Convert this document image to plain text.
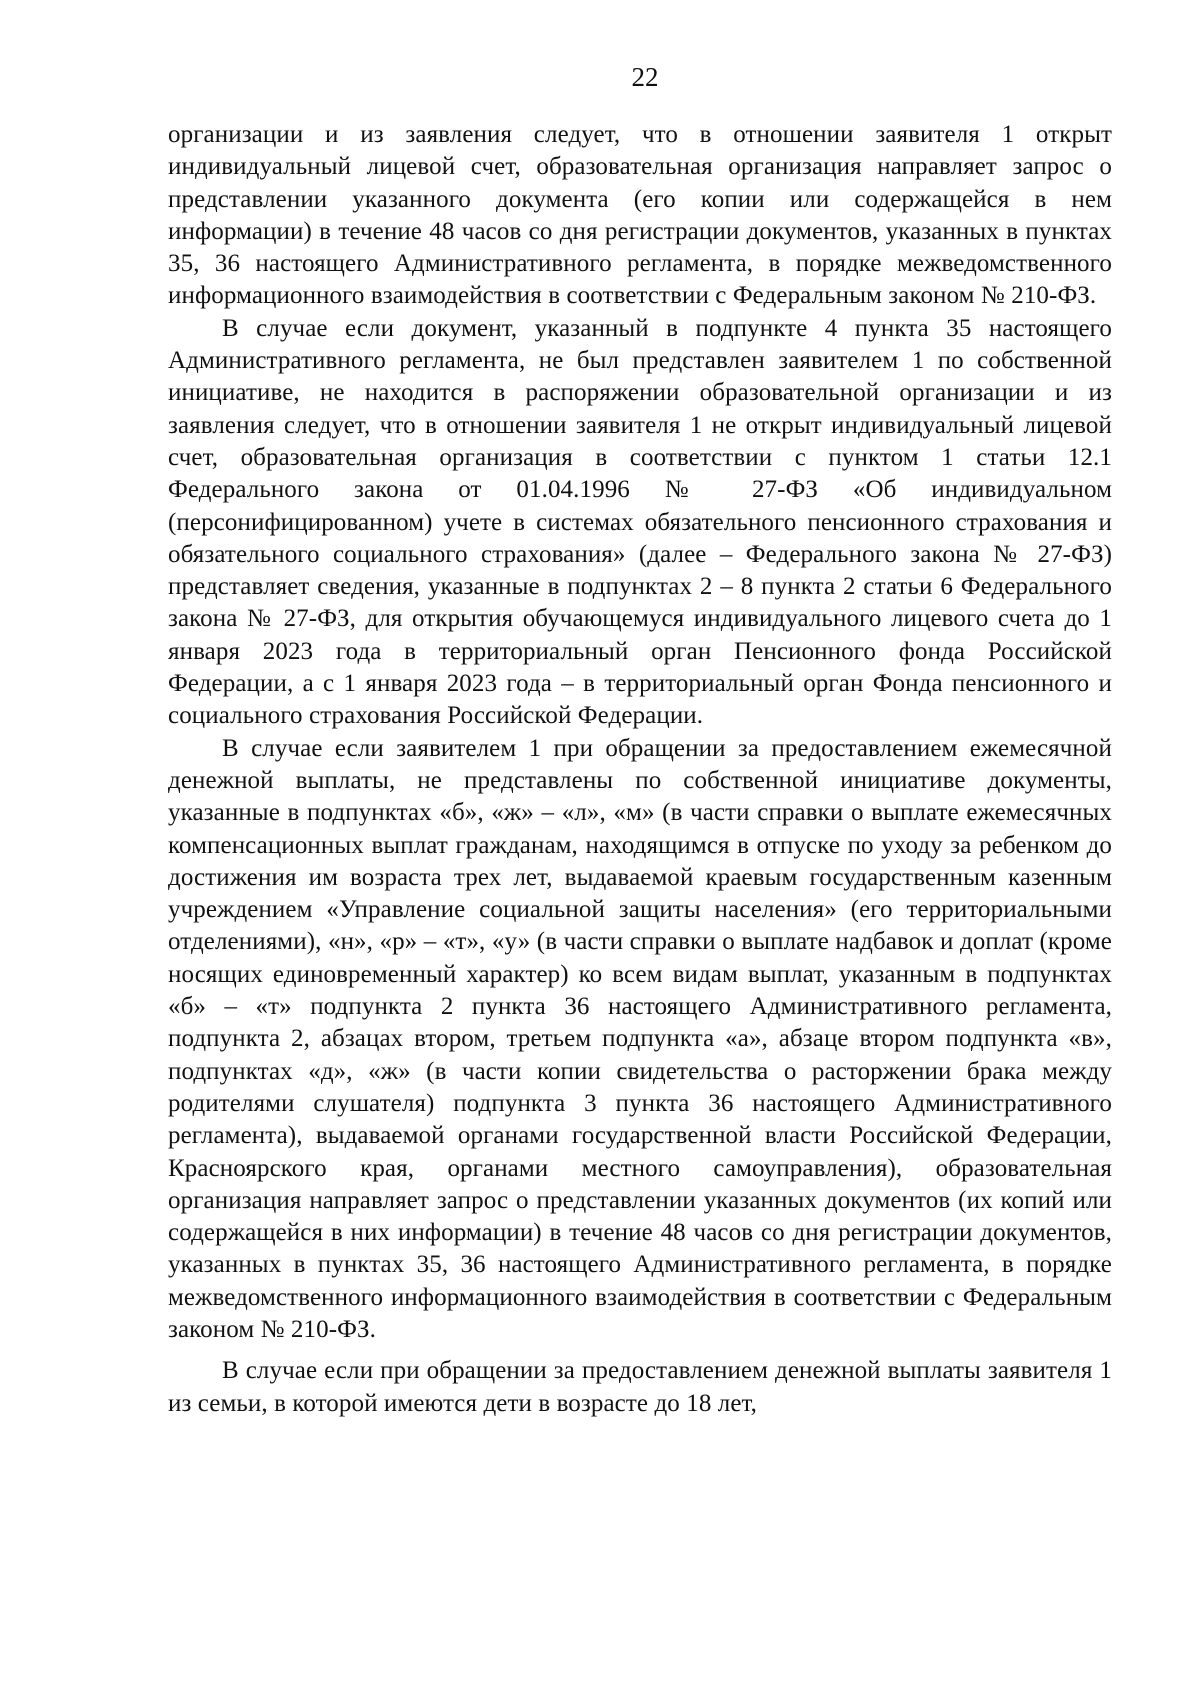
22

организации и из заявления следует, что в отношении заявителя 1 открыт индивидуальный лицевой счет, образовательная организация направляет запрос о представлении указанного документа (его копии или содержащейся в нем информации) в течение 48 часов со дня регистрации документов, указанных в пунктах 35, 36 настоящего Административного регламента, в порядке межведомственного информационного взаимодействия в соответствии с Федеральным законом № 210-ФЗ.

В случае если документ, указанный в подпункте 4 пункта 35 настоящего Административного регламента, не был представлен заявителем 1 по собственной инициативе, не находится в распоряжении образовательной организации и из заявления следует, что в отношении заявителя 1 не открыт индивидуальный лицевой счет, образовательная организация в соответствии с пунктом 1 статьи 12.1 Федерального закона от 01.04.1996 № 27-ФЗ «Об индивидуальном (персонифицированном) учете в системах обязательного пенсионного страхования и обязательного социального страхования» (далее – Федерального закона № 27-ФЗ) представляет сведения, указанные в подпунктах 2 – 8 пункта 2 статьи 6 Федерального закона № 27-ФЗ, для открытия обучающемуся индивидуального лицевого счета до 1 января 2023 года в территориальный орган Пенсионного фонда Российской Федерации, а с 1 января 2023 года – в территориальный орган Фонда пенсионного и социального страхования Российской Федерации.

В случае если заявителем 1 при обращении за предоставлением ежемесячной денежной выплаты, не представлены по собственной инициативе документы, указанные в подпунктах «б», «ж» – «л», «м» (в части справки о выплате ежемесячных компенсационных выплат гражданам, находящимся в отпуске по уходу за ребенком до достижения им возраста трех лет, выдаваемой краевым государственным казенным учреждением «Управление социальной защиты населения» (его территориальными отделениями), «н», «р» – «т», «у» (в части справки о выплате надбавок и доплат (кроме носящих единовременный характер) ко всем видам выплат, указанным в подпунктах «б» – «т» подпункта 2 пункта 36 настоящего Административного регламента, подпункта 2, абзацах втором, третьем подпункта «а», абзаце втором подпункта «в», подпунктах «д», «ж» (в части копии свидетельства о расторжении брака между родителями слушателя) подпункта 3 пункта 36 настоящего Административного регламента), выдаваемой органами государственной власти Российской Федерации, Красноярского края, органами местного самоуправления), образовательная организация направляет запрос о представлении указанных документов (их копий или содержащейся в них информации) в течение 48 часов со дня регистрации документов, указанных в пунктах 35, 36 настоящего Административного регламента, в порядке межведомственного информационного взаимодействия в соответствии с Федеральным законом № 210-ФЗ.

В случае если при обращении за предоставлением денежной выплаты заявителя 1 из семьи, в которой имеются дети в возрасте до 18 лет,
